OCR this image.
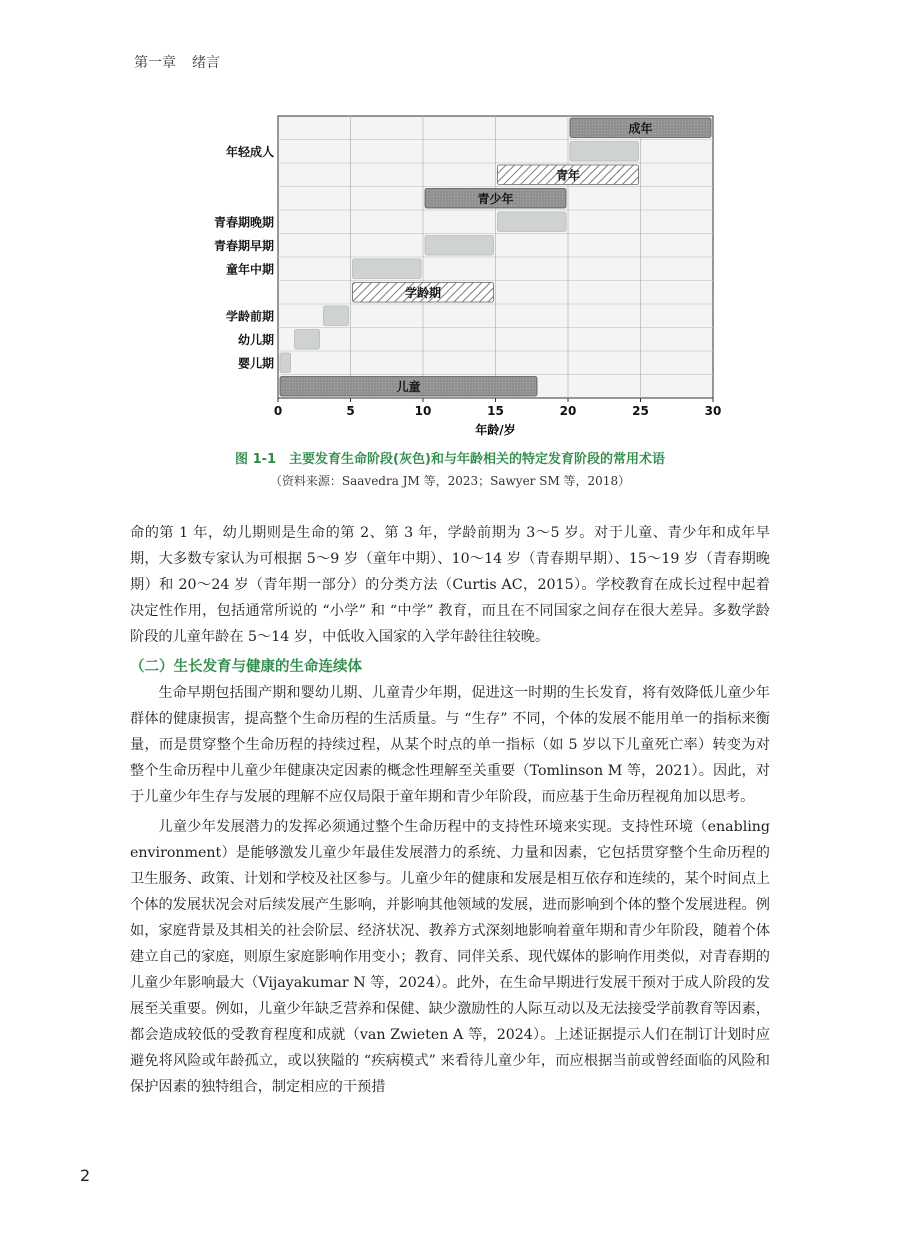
第一章 绪言
成年
青年
青少年
学龄期
儿童
年轻成人
青春期晚期
青春期早期
童年中期
学龄前期
幼儿期
婴儿期
0	5	10	15	20	25	30
年龄/岁
图 1-1　主要发育生命阶段(灰色)和与年龄相关的特定发育阶段的常用术语
（资料来源：Saavedra JM 等，2023；Sawyer SM 等，2018）

命的第 1 年，幼儿期则是生命的第 2、第 3 年，学龄前期为 3～5 岁。对于儿童、青少年和成年早期，大多数专家认为可根据 5～9 岁（童年中期）、10～14 岁（青春期早期）、15～19 岁（青春期晚期）和 20～24 岁（青年期一部分）的分类方法（Curtis AC，2015）。学校教育在成长过程中起着决定性作用，包括通常所说的 “小学” 和 “中学” 教育，而且在不同国家之间存在很大差异。多数学龄阶段的儿童年龄在 5～14 岁，中低收入国家的入学年龄往往较晚。

（二）生长发育与健康的生命连续体

生命早期包括围产期和婴幼儿期、儿童青少年期，促进这一时期的生长发育，将有效降低儿童少年群体的健康损害，提高整个生命历程的生活质量。与 “生存” 不同，个体的发展不能用单一的指标来衡量，而是贯穿整个生命历程的持续过程，从某个时点的单一指标（如 5 岁以下儿童死亡率）转变为对整个生命历程中儿童少年健康决定因素的概念性理解至关重要（Tomlinson M 等，2021）。因此，对于儿童少年生存与发展的理解不应仅局限于童年期和青少年阶段，而应基于生命历程视角加以思考。

儿童少年发展潜力的发挥必须通过整个生命历程中的支持性环境来实现。支持性环境（enabling environment）是能够激发儿童少年最佳发展潜力的系统、力量和因素，它包括贯穿整个生命历程的卫生服务、政策、计划和学校及社区参与。儿童少年的健康和发展是相互依存和连续的，某个时间点上个体的发展状况会对后续发展产生影响，并影响其他领域的发展，进而影响到个体的整个发展进程。例如，家庭背景及其相关的社会阶层、经济状况、教养方式深刻地影响着童年期和青少年阶段，随着个体建立自己的家庭，则原生家庭影响作用变小；教育、同伴关系、现代媒体的影响作用类似，对青春期的儿童少年影响最大（Vijayakumar N 等，2024）。此外，在生命早期进行发展干预对于成人阶段的发展至关重要。例如，儿童少年缺乏营养和保健、缺少激励性的人际互动以及无法接受学前教育等因素，都会造成较低的受教育程度和成就（van Zwieten A 等，2024）。上述证据提示人们在制订计划时应避免将风险或年龄孤立，或以狭隘的 “疾病模式” 来看待儿童少年，而应根据当前或曾经面临的风险和保护因素的独特组合，制定相应的干预措

2
